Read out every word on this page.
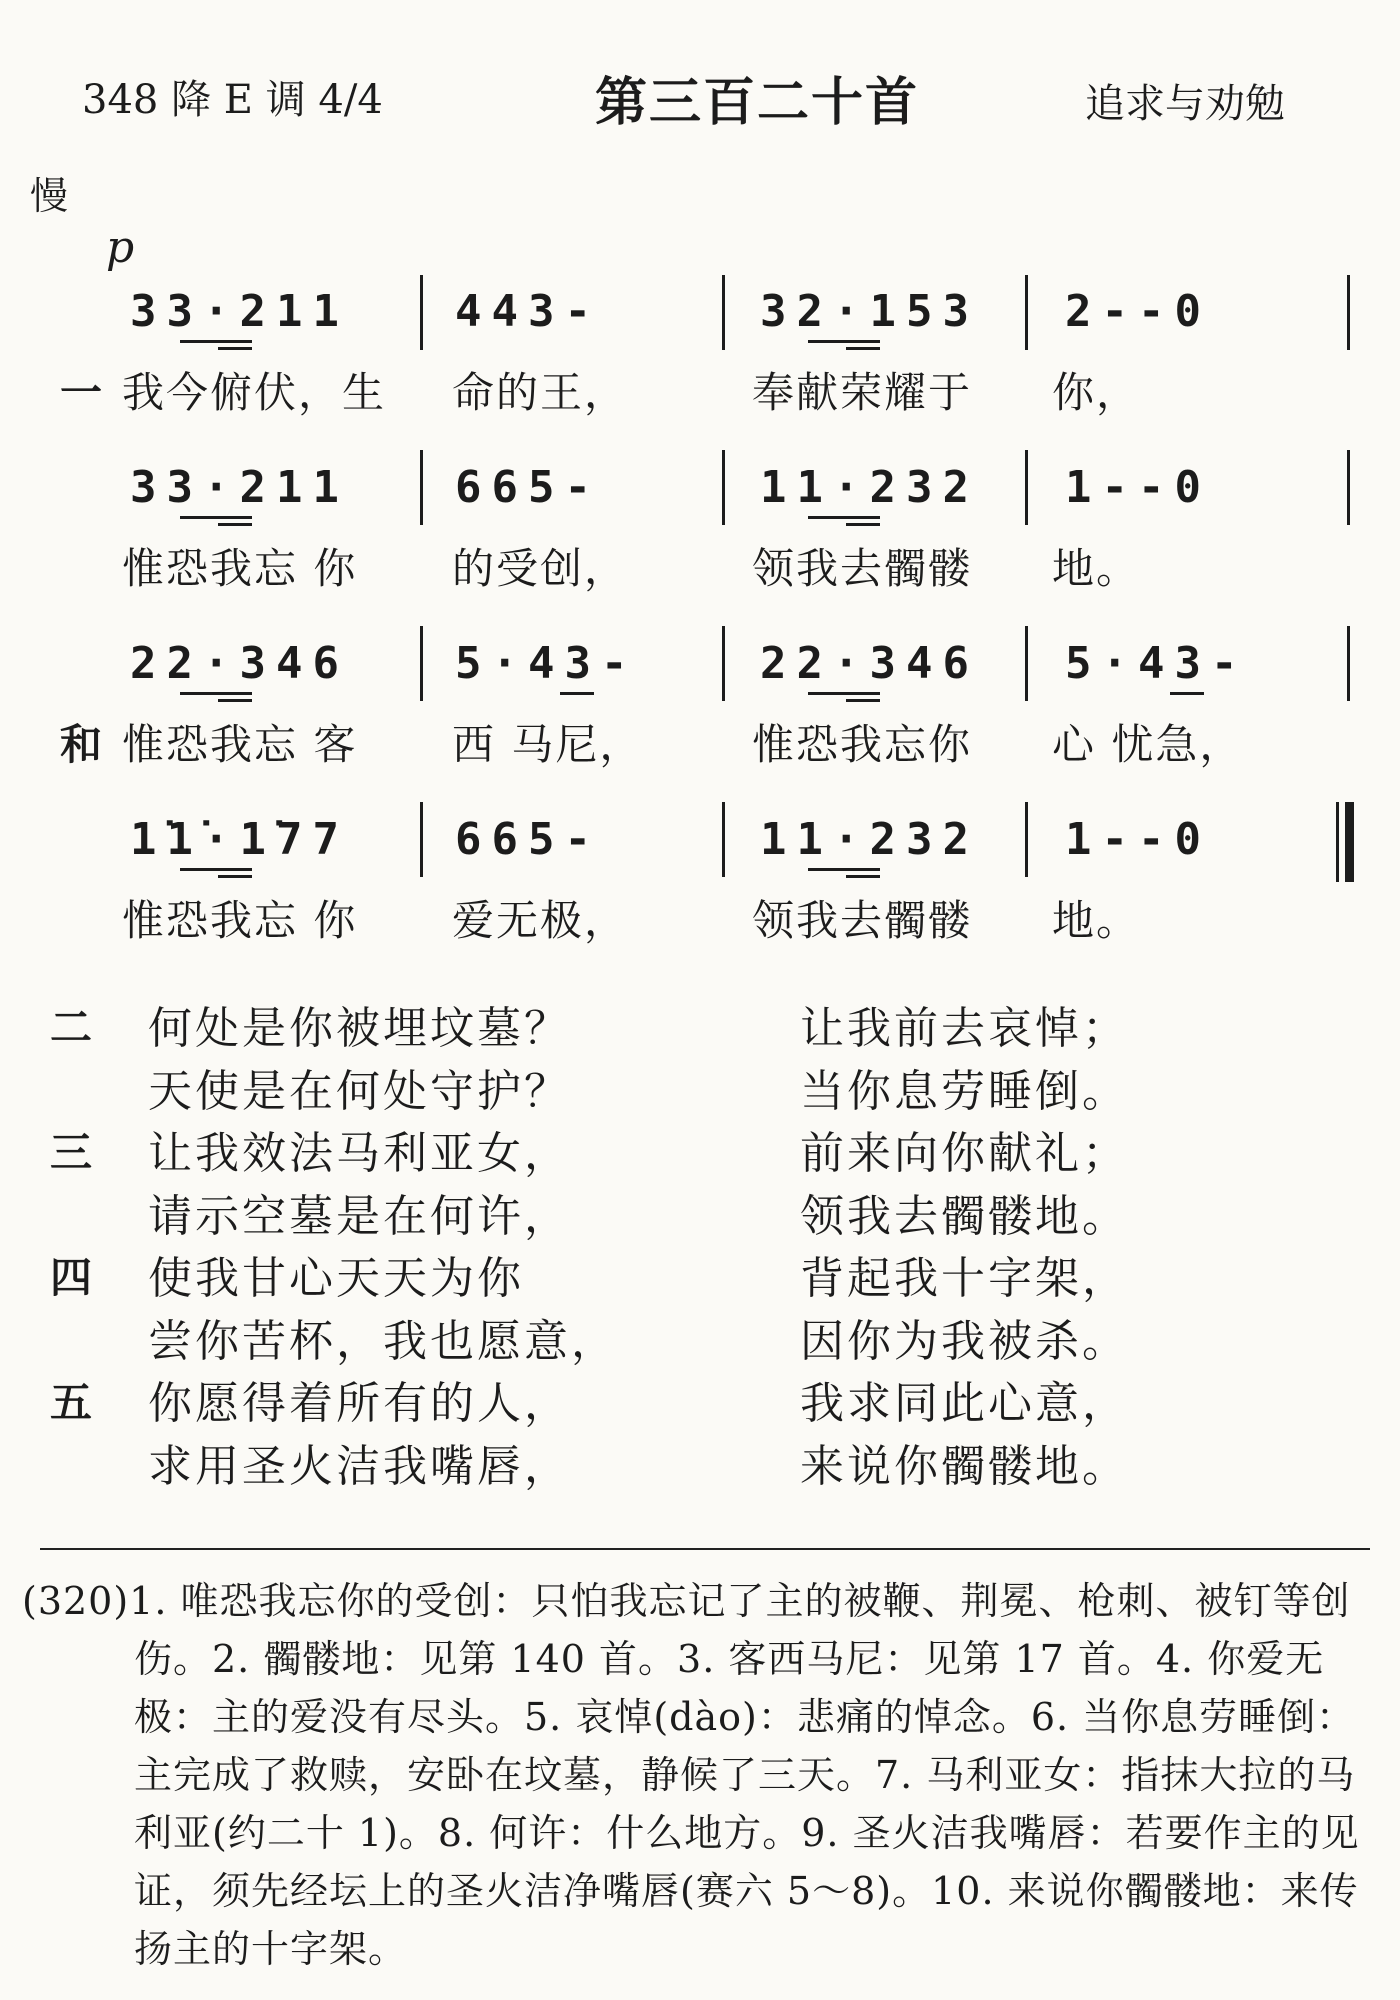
348 降 E 调 4/4	第三百二十首	追求与劝勉
慢
p
33·211 443-	32·153 2--0
一 我今俯伏，生 命的王，	奉献荣耀于 你，
33·211 665-	11·232 1--0
惟恐我忘 你 的受创，	领我去髑髅 地。
22·346 5·43-	22·346 5·43-
和 惟恐我忘 客 西 马尼，	惟恐我忘你 心 忧急，
1̇1̇·1̇77 665-	11·232 1--0
惟恐我忘 你 爱无极，	领我去髑髅 地。
二 何处是你被埋坟墓？
天使是在何处守护？
让我前去哀悼；
当你息劳睡倒。
三 让我效法马利亚女，
请示空墓是在何许，
前来向你献礼；
领我去髑髅地。
四 使我甘心天天为你
尝你苦杯，我也愿意，
背起我十字架，
因你为我被杀。
五 你愿得着所有的人，
求用圣火洁我嘴唇，
我求同此心意，
来说你髑髅地。
(320)1. 唯恐我忘你的受创：只怕我忘记了主的被鞭、荆冕、枪刺、被钉等创伤。2. 髑髅地：见第 140 首。3. 客西马尼：见第 17 首。4. 你爱无极：主的爱没有尽头。5. 哀悼(dào)：悲痛的悼念。6. 当你息劳睡倒：主完成了救赎，安卧在坟墓，静候了三天。7. 马利亚女：指抹大拉的马利亚(约二十 1)。8. 何许：什么地方。9. 圣火洁我嘴唇：若要作主的见证，须先经坛上的圣火洁净嘴唇(赛六 5～8)。10. 来说你髑髅地：来传扬主的十字架。
